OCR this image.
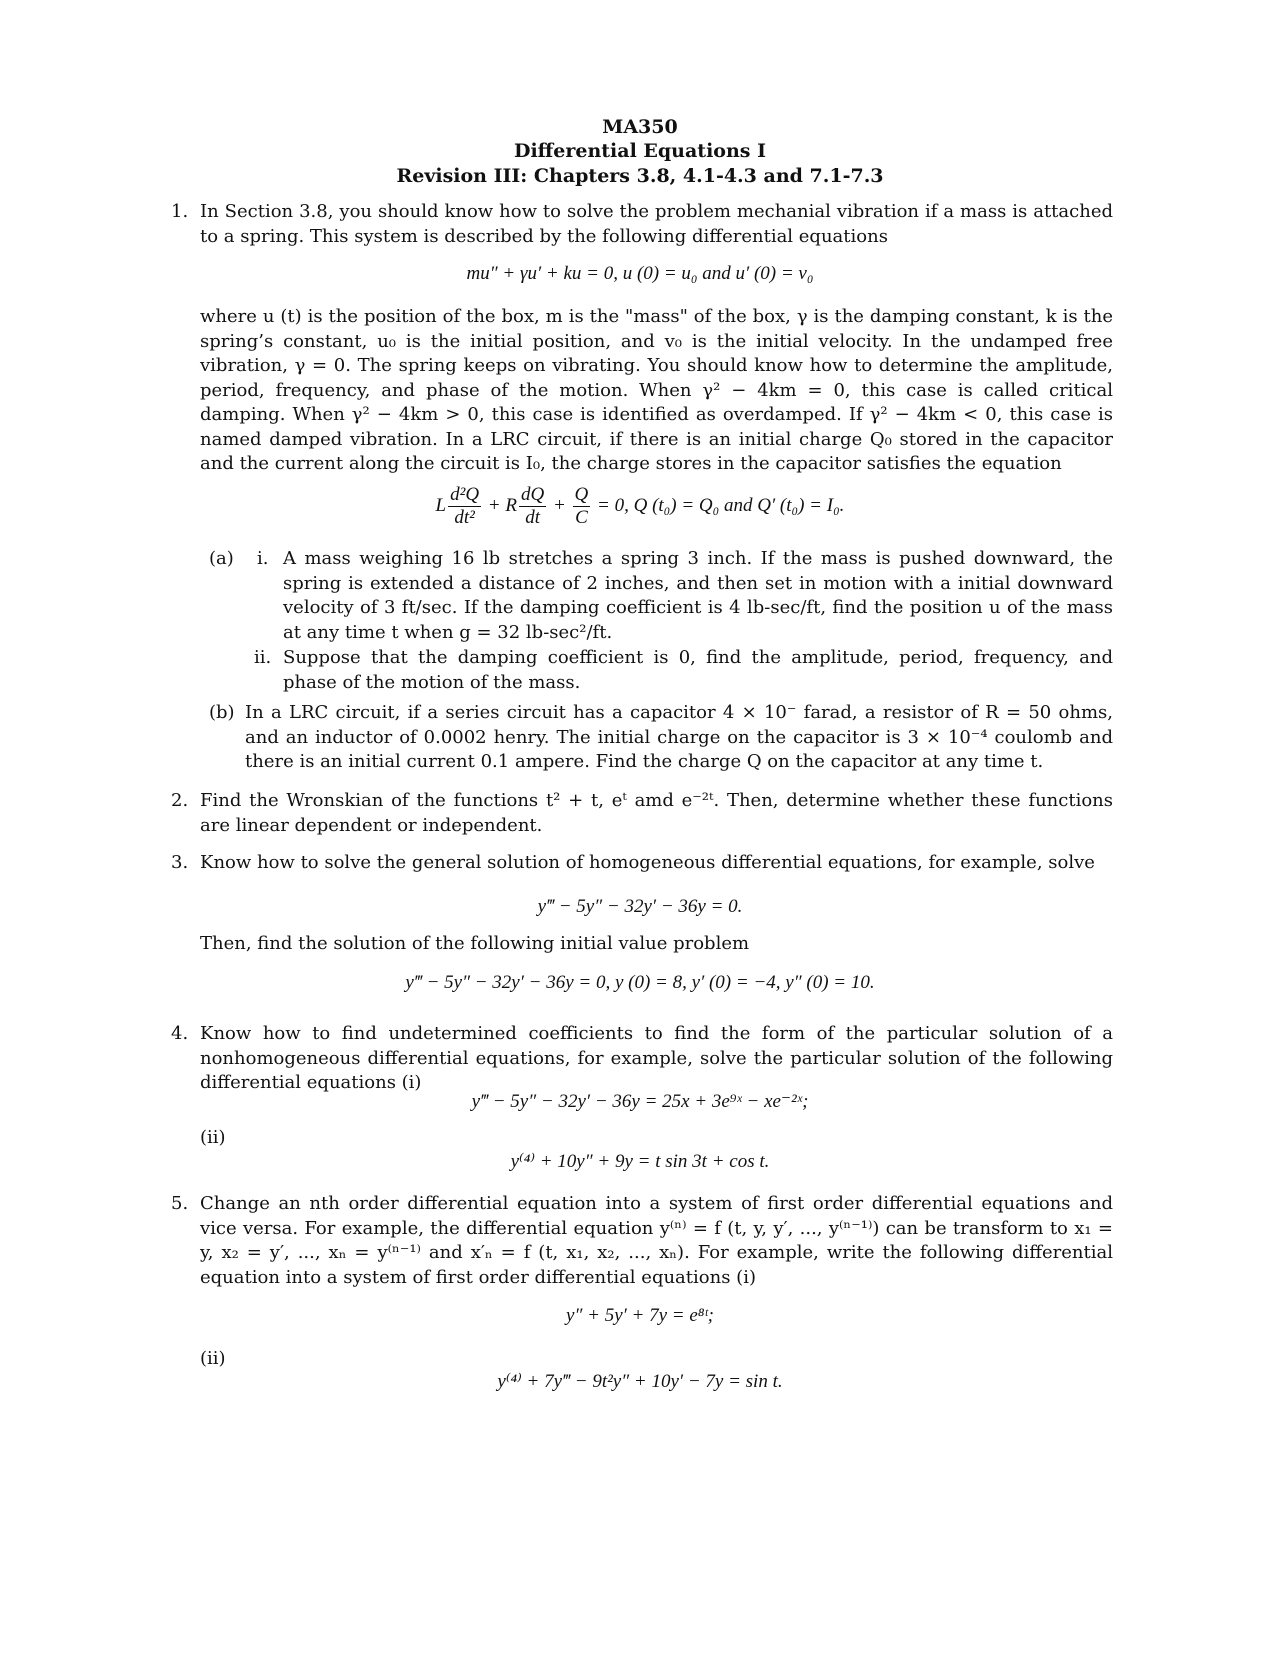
MA350
Differential Equations I
Revision III: Chapters 3.8, 4.1-4.3 and 7.1-7.3
1. In Section 3.8, you should know how to solve the problem mechanial vibration if a mass is attached to a spring. This system is described by the following differential equations
mu″ + γu′ + ku = 0, u (0) = u₀ and u′ (0) = v₀
where u (t) is the position of the box, m is the "mass" of the box, γ is the damping constant, k is the spring’s constant, u₀ is the initial position, and v₀ is the initial velocity. In the undamped free vibration, γ = 0. The spring keeps on vibrating. You should know how to determine the amplitude, period, frequency, and phase of the motion. When γ² − 4km = 0, this case is called critical damping. When γ² − 4km > 0, this case is identified as overdamped. If γ² − 4km < 0, this case is named damped vibration. In a LRC circuit, if there is an initial charge Q₀ stored in the capacitor and the current along the circuit is I₀, the charge stores in the capacitor satisfies the equation
L $\frac{\text{d²Q}}{\text{dt²}} + R \frac{dQ}{dt} + \frac{Q}{C} = 0$, Q (t₀) = Q₀ and Q′ (t₀) = I₀.
(a) i. A mass weighing 16 lb stretches a spring 3 inch. If the mass is pushed downward, the spring is extended a distance of 2 inches, and then set in motion with a initial downward velocity of 3 ft/sec. If the damping coefficient is 4 lb-sec/ft, find the position u of the mass at any time t when g = 32 lb-sec²/ft.
ii. Suppose that the damping coefficient is 0, find the amplitude, period, frequency, and phase of the motion of the mass.
(b) In a LRC circuit, if a series circuit has a capacitor 4 × 10⁻ farad, a resistor of R = 50 ohms, and an inductor of 0.0002 henry. The initial charge on the capacitor is 3 × 10⁻⁴ coulomb and there is an initial current 0.1 ampere. Find the charge Q on the capacitor at any time t.
2. Find the Wronskian of the functions t² + t, eᵗ amd e⁻²ᵗ. Then, determine whether these functions are linear dependent or independent.
3. Know how to solve the general solution of homogeneous differential equations, for example, solve
y‴ − 5y″ − 32y′ − 36y = 0.
Then, find the solution of the following initial value problem
y‴ − 5y″ − 32y′ − 36y = 0, y (0) = 8, y′ (0) = −4, y″ (0) = 10.
4. Know how to find undetermined coefficients to find the form of the particular solution of a nonhomogeneous differential equations, for example, solve the particular solution of the following differential equations (i)
y‴ − 5y″ − 32y′ − 36y = 25x + 3e⁹ˣ − xe⁻²ˣ;
(ii)
y⁽⁴⁾ + 10y″ + 9y = t sin 3t + cos t.
5. Change an nth order differential equation into a system of first order differential equations and vice versa. For example, the differential equation y⁽ⁿ⁾ = f (t, y, y′, ..., y⁽ⁿ⁻¹⁾) can be transform to x₁ = y, x₂ = y′, ..., xₙ = y⁽ⁿ⁻¹⁾ and x′ₙ = f (t, x₁, x₂, ..., xₙ). For example, write the following differential equation into a system of first order differential equations (i)
y″ + 5y′ + 7y = e⁸ᵗ;
(ii)
y⁽⁴⁾ + 7y‴ − 9t²y″ + 10y′ − 7y = sin t.
